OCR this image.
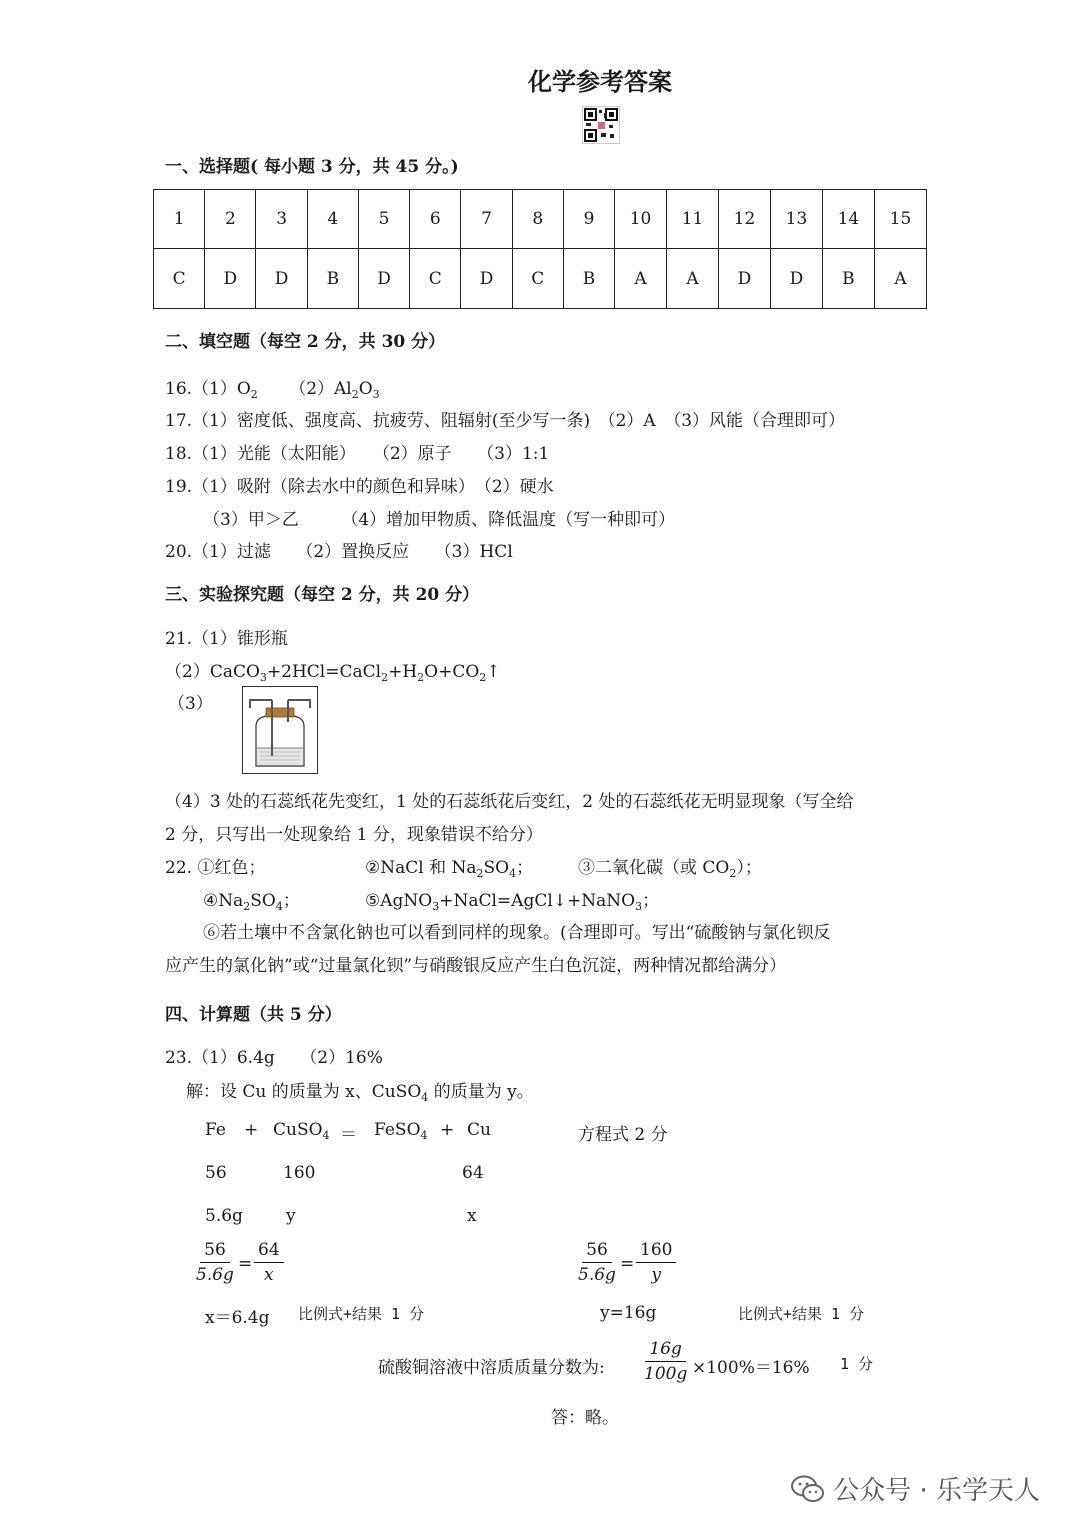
化学参考答案
一、选择题( 每小题 3 分，共 45 分。)
1	2	3	4	5	6	7	8	9	10	11	12	13	14	15
C	D	D	B	D	C	D	C	B	A	A	D	D	B	A
二、填空题（每空 2 分，共 30 分）
$16.(1)O_2$ $(2)Al_2O_3$
17.（1）密度低、强度高、抗疲劳、阻辐射(至少写一条)　（2）A　（3）风能（合理即可）
18.（1）光能（太阳能）　　（2）原子　　（3）1:1
19.（1）吸附（除去水中的颜色和异味）　（2）硬水
（3）甲＞乙　　　（4）增加甲物质、降低温度（写一种即可）
20.（1）过滤　　（2）置换反应　　（3）HCl
三、实验探究题（每空 2 分，共 20 分）
21.（1）锥形瓶
$(2)CaCO_3+2HCl=CaCl_2+H_2O+CO_2↑$
（3）
（4）3 处的石蕊纸花先变红，1 处的石蕊纸花后变红，2 处的石蕊纸花无明显现象（写全给
2 分，只写出一处现象给 1 分，现象错误不给分）
22. ①红色；	②NaCl 和 $Na_2SO_4$；	③二氧化碳（或 $CO_2$）；
$④Na_2SO_4$；	⑤AgNO$_3$+NaCl=AgCl↓+NaNO$_3$；
⑥若土壤中不含氯化钠也可以看到同样的现象。(合理即可。写出“硫酸钠与氯化钡反
应产生的氯化钠”或“过量氯化钡”与硝酸银反应产生白色沉淀，两种情况都给满分）
四、计算题（共 5 分）
23.（1）6.4g　　（2）16%
解：设 Cu 的质量为 x、CuSO$_4$ 的质量为 y。
Fe + CuSO$_4$ ＝ FeSO$_4$ + Cu	方程式 2 分
56	160	64
5.6g	y	x
$\frac{56}{5.6g} = \frac{64}{x}$	$\frac{56}{5.6g} = \frac{160}{y}$
x＝6.4g 比例式+结果 1 分	y=16g	比例式+结果 1 分
硫酸铜溶液中溶质质量分数为: $\frac{16g}{100g} \times 100\%=16\%$ 1 分
答：略。
公众号 · 乐学天人
